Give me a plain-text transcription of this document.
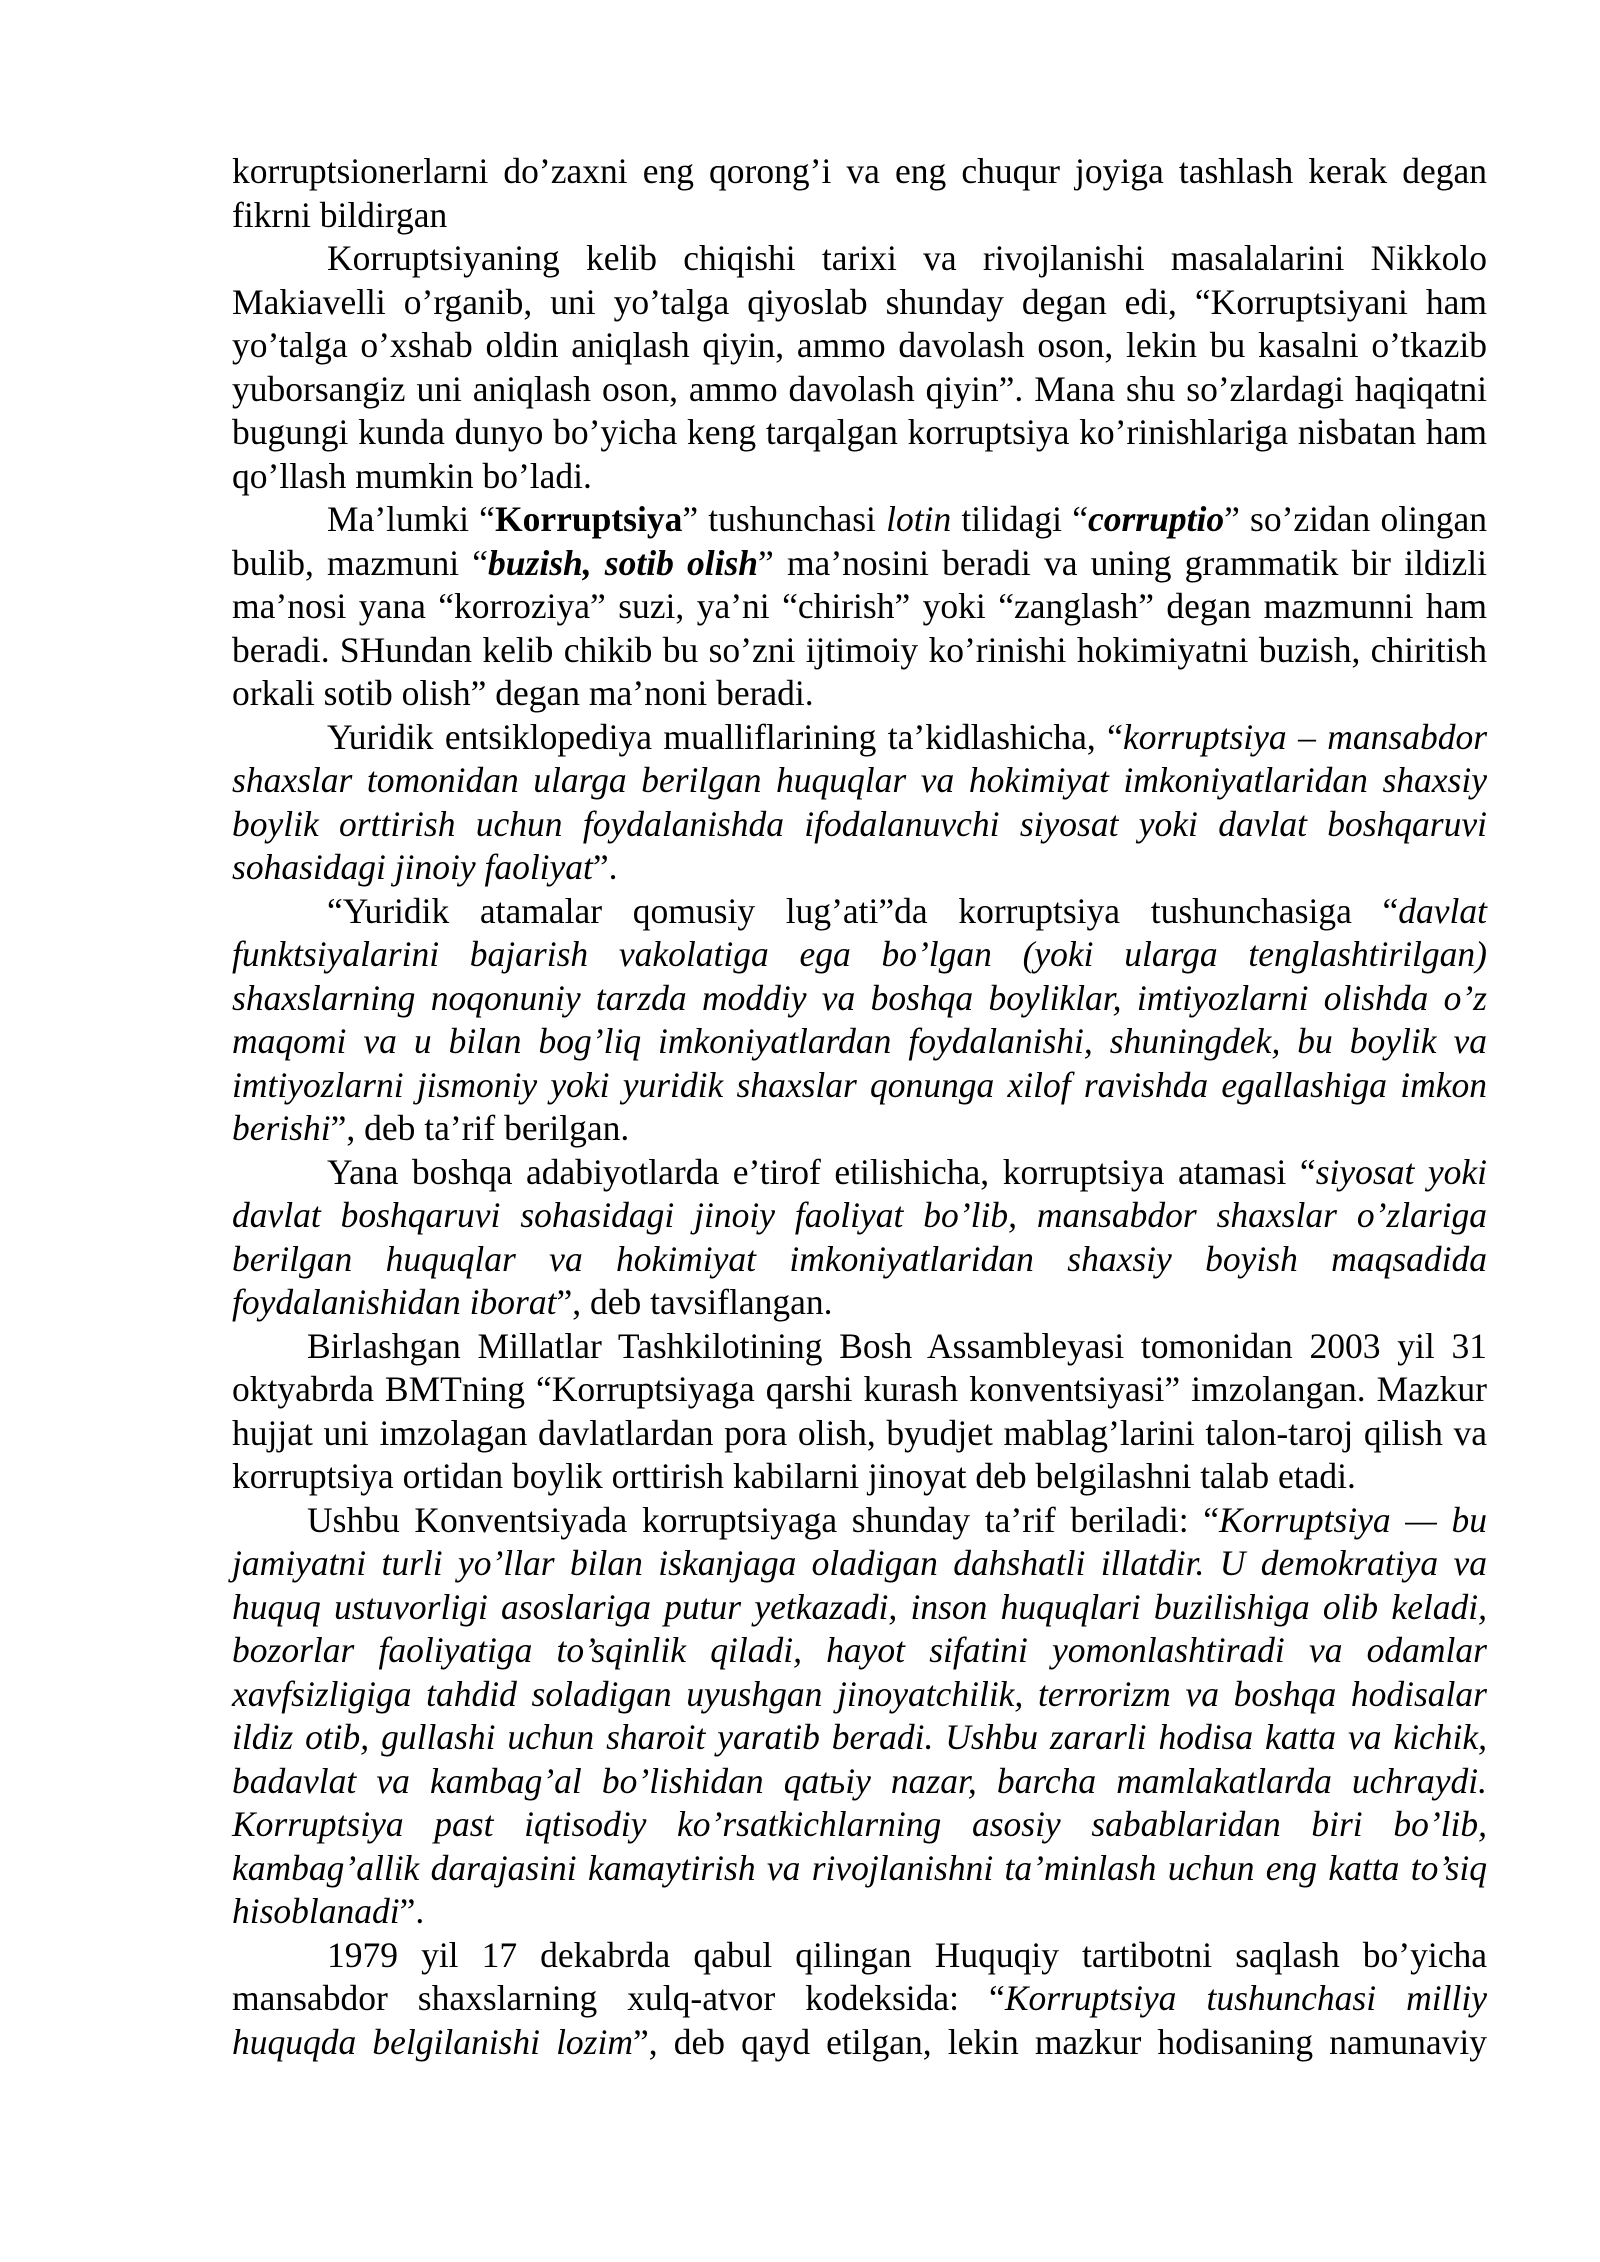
korruptsionerlarni do’zaxni eng qorong’i va eng chuqur joyiga tashlash kerak degan fikrni bildirgan

Korruptsiyaning kelib chiqishi tarixi va rivojlanishi masalalarini Nikkolo Makiavelli o’rganib, uni yo’talga qiyoslab shunday degan edi, “Korruptsiyani ham yo’talga o’xshab oldin aniqlash qiyin, ammo davolash oson, lekin bu kasalni o’tkazib yuborsangiz uni aniqlash oson, ammo davolash qiyin”. Mana shu so’zlardagi haqiqatni bugungi kunda dunyo bo’yicha keng tarqalgan korruptsiya ko’rinishlariga nisbatan ham qo’llash mumkin bo’ladi.

Ma’lumki “Korruptsiya” tushunchasi lotin tilidagi “corruptio” so’zidan olingan bulib, mazmuni “buzish, sotib olish” ma’nosini beradi va uning grammatik bir ildizli ma’nosi yana “korroziya” suzi, ya’ni “chirish” yoki “zanglash” degan mazmunni ham beradi. SHundan kelib chikib bu so’zni ijtimoiy ko’rinishi hokimiyatni buzish, chiritish orkali sotib olish” degan ma’noni beradi.

Yuridik entsiklopediya mualliflarining ta’kidlashicha, “korruptsiya – mansabdor shaxslar tomonidan ularga berilgan huquqlar va hokimiyat imkoniyatlaridan shaxsiy boylik orttirish uchun foydalanishda ifodalanuvchi siyosat yoki davlat boshqaruvi sohasidagi jinoiy faoliyat”.

“Yuridik atamalar qomusiy lug’ati”da korruptsiya tushunchasiga “davlat funktsiyalarini bajarish vakolatiga ega bo’lgan (yoki ularga tenglashtirilgan) shaxslarning noqonuniy tarzda moddiy va boshqa boyliklar, imtiyozlarni olishda o’z maqomi va u bilan bog’liq imkoniyatlardan foydalanishi, shuningdek, bu boylik va imtiyozlarni jismoniy yoki yuridik shaxslar qonunga xilof ravishda egallashiga imkon berishi”, deb ta’rif berilgan.

Yana boshqa adabiyotlarda e’tirof etilishicha, korruptsiya atamasi “siyosat yoki davlat boshqaruvi sohasidagi jinoiy faoliyat bo’lib, mansabdor shaxslar o’zlariga berilgan huquqlar va hokimiyat imkoniyatlaridan shaxsiy boyish maqsadida foydalanishidan iborat”, deb tavsiflangan.

Birlashgan Millatlar Tashkilotining Bosh Assambleyasi tomonidan 2003 yil 31 oktyabrda BMTning “Korruptsiyaga qarshi kurash konventsiyasi” imzolangan. Mazkur hujjat uni imzolagan davlatlardan pora olish, byudjet mablag’larini talon-taroj qilish va korruptsiya ortidan boylik orttirish kabilarni jinoyat deb belgilashni talab etadi.

Ushbu Konventsiyada korruptsiyaga shunday ta’rif beriladi: “Korruptsiya — bu jamiyatni turli yo’llar bilan iskanjaga oladigan dahshatli illatdir. U demokratiya va huquq ustuvorligi asoslariga putur yetkazadi, inson huquqlari buzilishiga olib keladi, bozorlar faoliyatiga to’sqinlik qiladi, hayot sifatini yomonlashtiradi va odamlar xavfsizligiga tahdid soladigan uyushgan jinoyatchilik, terrorizm va boshqa hodisalar ildiz otib, gullashi uchun sharoit yaratib beradi. Ushbu zararli hodisa katta va kichik, badavlat va kambag’al bo’lishidan qatьiy nazar, barcha mamlakatlarda uchraydi. Korruptsiya past iqtisodiy ko’rsatkichlarning asosiy sabablaridan biri bo’lib, kambag’allik darajasini kamaytirish va rivojlanishni ta’minlash uchun eng katta to’siq hisoblanadi”.

1979 yil 17 dekabrda qabul qilingan Huquqiy tartibotni saqlash bo’yicha mansabdor shaxslarning xulq-atvor kodeksida: “Korruptsiya tushunchasi milliy huquqda belgilanishi lozim”, deb qayd etilgan, lekin mazkur hodisaning namunaviy
